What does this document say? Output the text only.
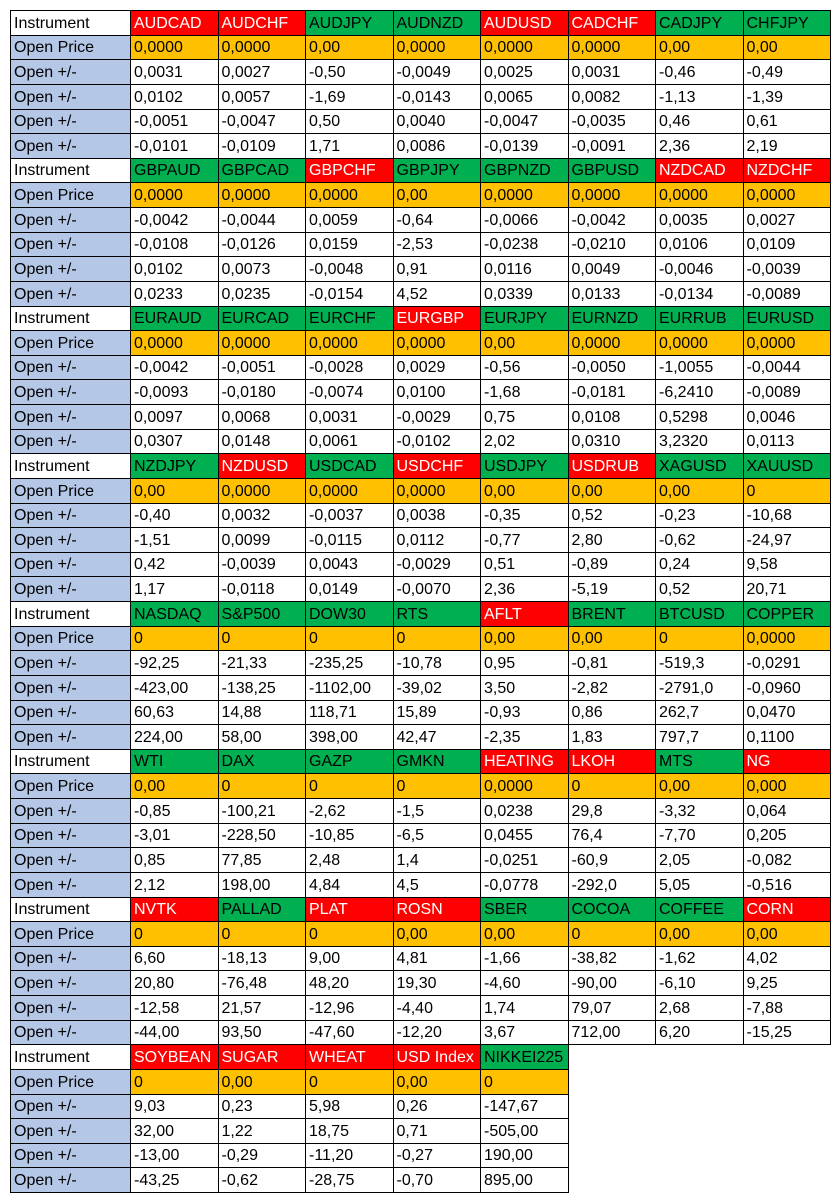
Instrument	AUDCAD	AUDCHF	AUDJPY	AUDNZD	AUDUSD	CADCHF	CADJPY	CHFJPY
Open Price	0,0000	0,0000	0,00	0,0000	0,0000	0,0000	0,00	0,00
Open +/-	0,0031	0,0027	-0,50	-0,0049	0,0025	0,0031	-0,46	-0,49
Open +/-	0,0102	0,0057	-1,69	-0,0143	0,0065	0,0082	-1,13	-1,39
Open +/-	-0,0051	-0,0047	0,50	0,0040	-0,0047	-0,0035	0,46	0,61
Open +/-	-0,0101	-0,0109	1,71	0,0086	-0,0139	-0,0091	2,36	2,19
Instrument	GBPAUD	GBPCAD	GBPCHF	GBPJPY	GBPNZD	GBPUSD	NZDCAD	NZDCHF
Open Price	0,0000	0,0000	0,0000	0,00	0,0000	0,0000	0,0000	0,0000
Open +/-	-0,0042	-0,0044	0,0059	-0,64	-0,0066	-0,0042	0,0035	0,0027
Open +/-	-0,0108	-0,0126	0,0159	-2,53	-0,0238	-0,0210	0,0106	0,0109
Open +/-	0,0102	0,0073	-0,0048	0,91	0,0116	0,0049	-0,0046	-0,0039
Open +/-	0,0233	0,0235	-0,0154	4,52	0,0339	0,0133	-0,0134	-0,0089
Instrument	EURAUD	EURCAD	EURCHF	EURGBP	EURJPY	EURNZD	EURRUB	EURUSD
Open Price	0,0000	0,0000	0,0000	0,0000	0,00	0,0000	0,0000	0,0000
Open +/-	-0,0042	-0,0051	-0,0028	0,0029	-0,56	-0,0050	-1,0055	-0,0044
Open +/-	-0,0093	-0,0180	-0,0074	0,0100	-1,68	-0,0181	-6,2410	-0,0089
Open +/-	0,0097	0,0068	0,0031	-0,0029	0,75	0,0108	0,5298	0,0046
Open +/-	0,0307	0,0148	0,0061	-0,0102	2,02	0,0310	3,2320	0,0113
Instrument	NZDJPY	NZDUSD	USDCAD	USDCHF	USDJPY	USDRUB	XAGUSD	XAUUSD
Open Price	0,00	0,0000	0,0000	0,0000	0,00	0,00	0,00	0
Open +/-	-0,40	0,0032	-0,0037	0,0038	-0,35	0,52	-0,23	-10,68
Open +/-	-1,51	0,0099	-0,0115	0,0112	-0,77	2,80	-0,62	-24,97
Open +/-	0,42	-0,0039	0,0043	-0,0029	0,51	-0,89	0,24	9,58
Open +/-	1,17	-0,0118	0,0149	-0,0070	2,36	-5,19	0,52	20,71
Instrument	NASDAQ	S&P500	DOW30	RTS	AFLT	BRENT	BTCUSD	COPPER
Open Price	0	0	0	0	0,00	0,00	0	0,0000
Open +/-	-92,25	-21,33	-235,25	-10,78	0,95	-0,81	-519,3	-0,0291
Open +/-	-423,00	-138,25	-1102,00	-39,02	3,50	-2,82	-2791,0	-0,0960
Open +/-	60,63	14,88	118,71	15,89	-0,93	0,86	262,7	0,0470
Open +/-	224,00	58,00	398,00	42,47	-2,35	1,83	797,7	0,1100
Instrument	WTI	DAX	GAZP	GMKN	HEATING	LKOH	MTS	NG
Open Price	0,00	0	0	0	0,0000	0	0,00	0,000
Open +/-	-0,85	-100,21	-2,62	-1,5	0,0238	29,8	-3,32	0,064
Open +/-	-3,01	-228,50	-10,85	-6,5	0,0455	76,4	-7,70	0,205
Open +/-	0,85	77,85	2,48	1,4	-0,0251	-60,9	2,05	-0,082
Open +/-	2,12	198,00	4,84	4,5	-0,0778	-292,0	5,05	-0,516
Instrument	NVTK	PALLAD	PLAT	ROSN	SBER	COCOA	COFFEE	CORN
Open Price	0	0	0	0,00	0,00	0	0,00	0,00
Open +/-	6,60	-18,13	9,00	4,81	-1,66	-38,82	-1,62	4,02
Open +/-	20,80	-76,48	48,20	19,30	-4,60	-90,00	-6,10	9,25
Open +/-	-12,58	21,57	-12,96	-4,40	1,74	79,07	2,68	-7,88
Open +/-	-44,00	93,50	-47,60	-12,20	3,67	712,00	6,20	-15,25
Instrument	SOYBEAN	SUGAR	WHEAT	USD Index	NIKKEI225			
Open Price	0	0,00	0	0,00	0			
Open +/-	9,03	0,23	5,98	0,26	-147,67			
Open +/-	32,00	1,22	18,75	0,71	-505,00			
Open +/-	-13,00	-0,29	-11,20	-0,27	190,00			
Open +/-	-43,25	-0,62	-28,75	-0,70	895,00			
